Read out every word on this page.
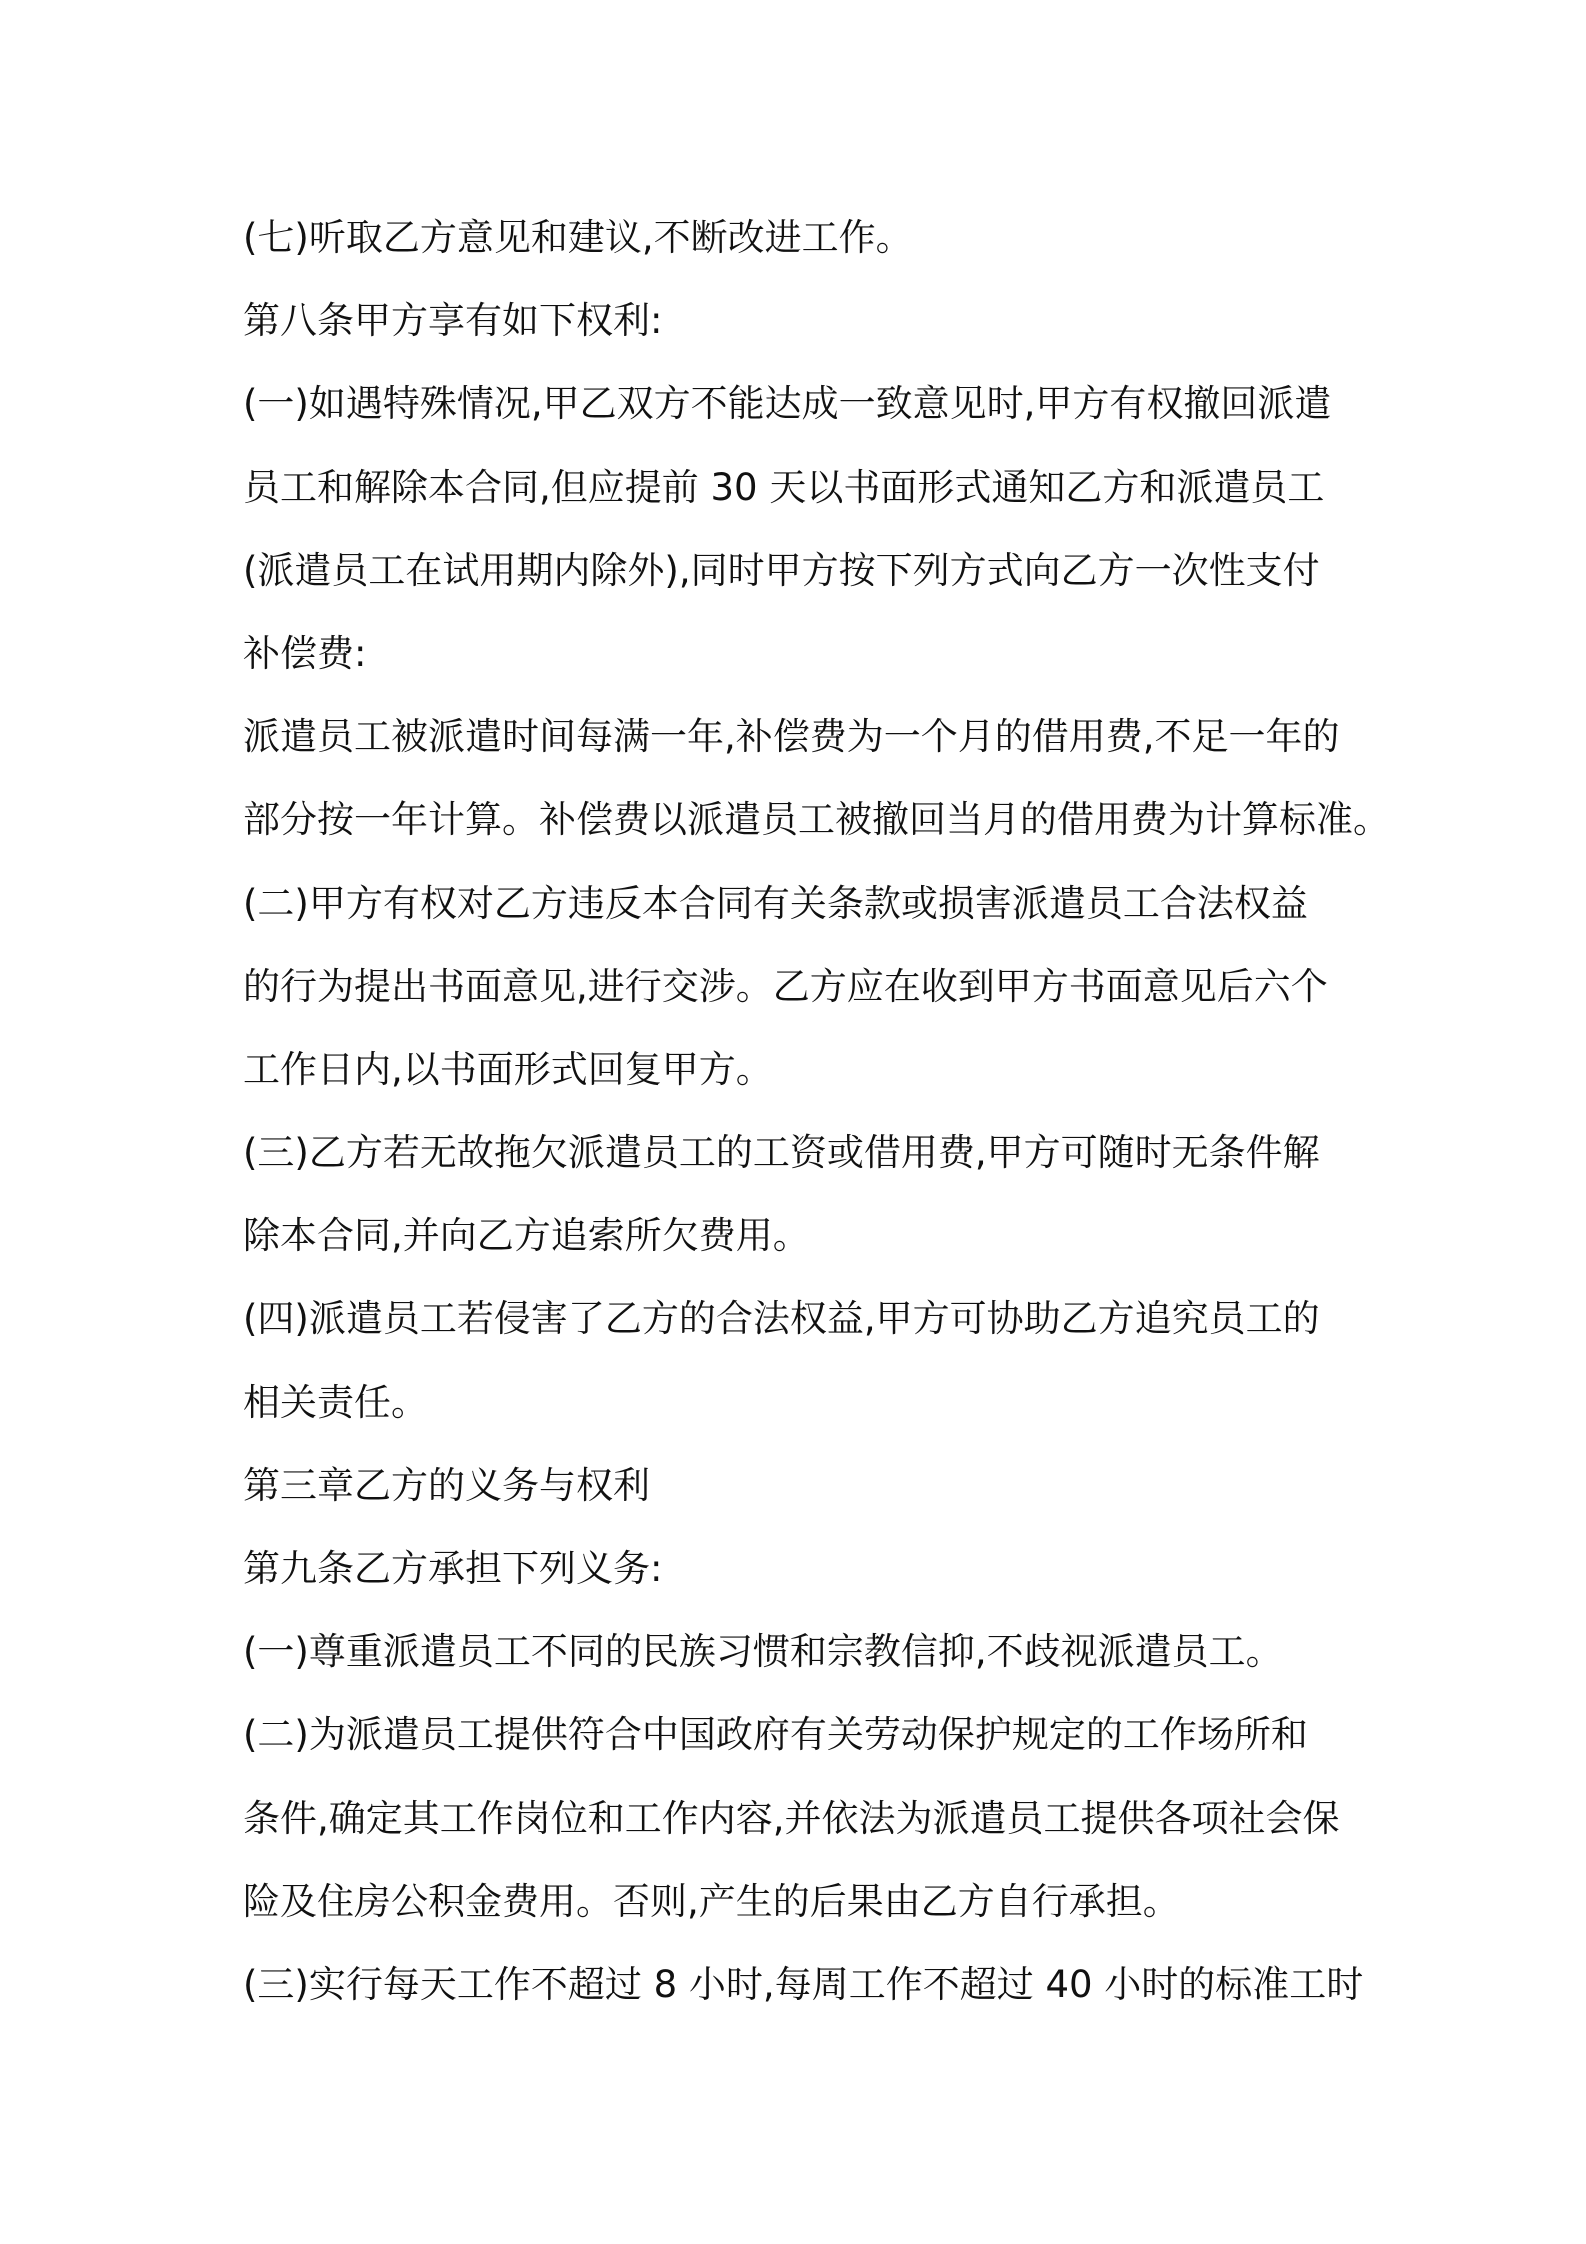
(七)听取乙方意见和建议,不断改进工作。
第八条甲方享有如下权利:
(一)如遇特殊情况,甲乙双方不能达成一致意见时,甲方有权撤回派遣
员工和解除本合同,但应提前 30 天以书面形式通知乙方和派遣员工
(派遣员工在试用期内除外),同时甲方按下列方式向乙方一次性支付
补偿费:
派遣员工被派遣时间每满一年,补偿费为一个月的借用费,不足一年的
部分按一年计算。补偿费以派遣员工被撤回当月的借用费为计算标准。
(二)甲方有权对乙方违反本合同有关条款或损害派遣员工合法权益
的行为提出书面意见,进行交涉。乙方应在收到甲方书面意见后六个
工作日内,以书面形式回复甲方。
(三)乙方若无故拖欠派遣员工的工资或借用费,甲方可随时无条件解
除本合同,并向乙方追索所欠费用。
(四)派遣员工若侵害了乙方的合法权益,甲方可协助乙方追究员工的
相关责任。
第三章乙方的义务与权利
第九条乙方承担下列义务:
(一)尊重派遣员工不同的民族习惯和宗教信抑,不歧视派遣员工。
(二)为派遣员工提供符合中国政府有关劳动保护规定的工作场所和
条件,确定其工作岗位和工作内容,并依法为派遣员工提供各项社会保
险及住房公积金费用。否则,产生的后果由乙方自行承担。
(三)实行每天工作不超过 8 小时,每周工作不超过 40 小时的标准工时
